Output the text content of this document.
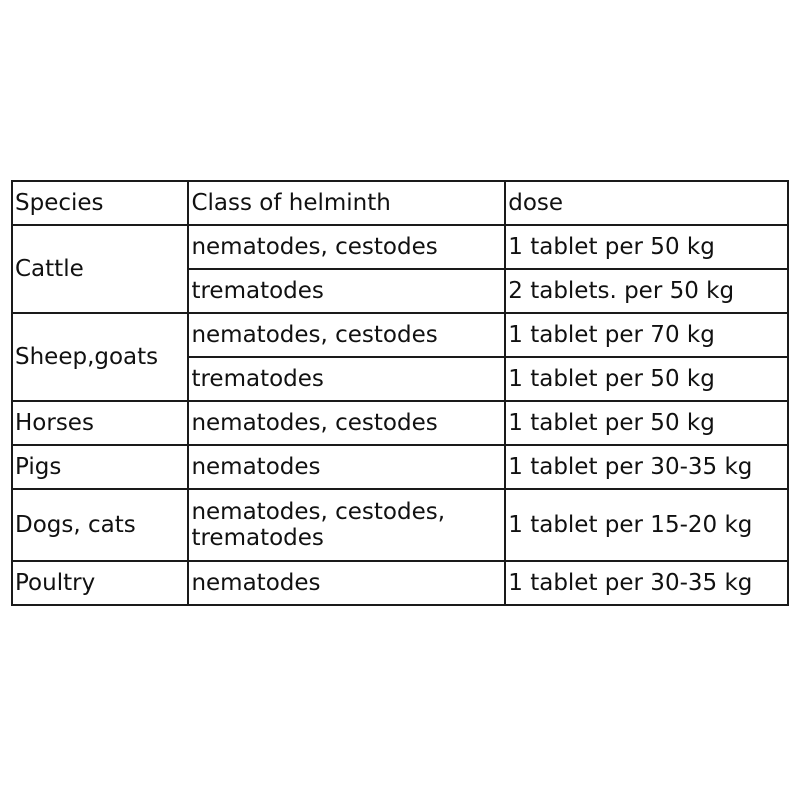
Species	Class of helminth	dose
Cattle	nematodes, cestodes	1 tablet per 50 kg
	trematodes	2 tablets. per 50 kg
Sheep,goats	nematodes, cestodes	1 tablet per 70 kg
	trematodes	1 tablet per 50 kg
Horses	nematodes, cestodes	1 tablet per 50 kg
Pigs	nematodes	1 tablet per 30-35 kg
Dogs, cats	nematodes, cestodes, trematodes	1 tablet per 15-20 kg
Poultry	nematodes	1 tablet per 30-35 kg
